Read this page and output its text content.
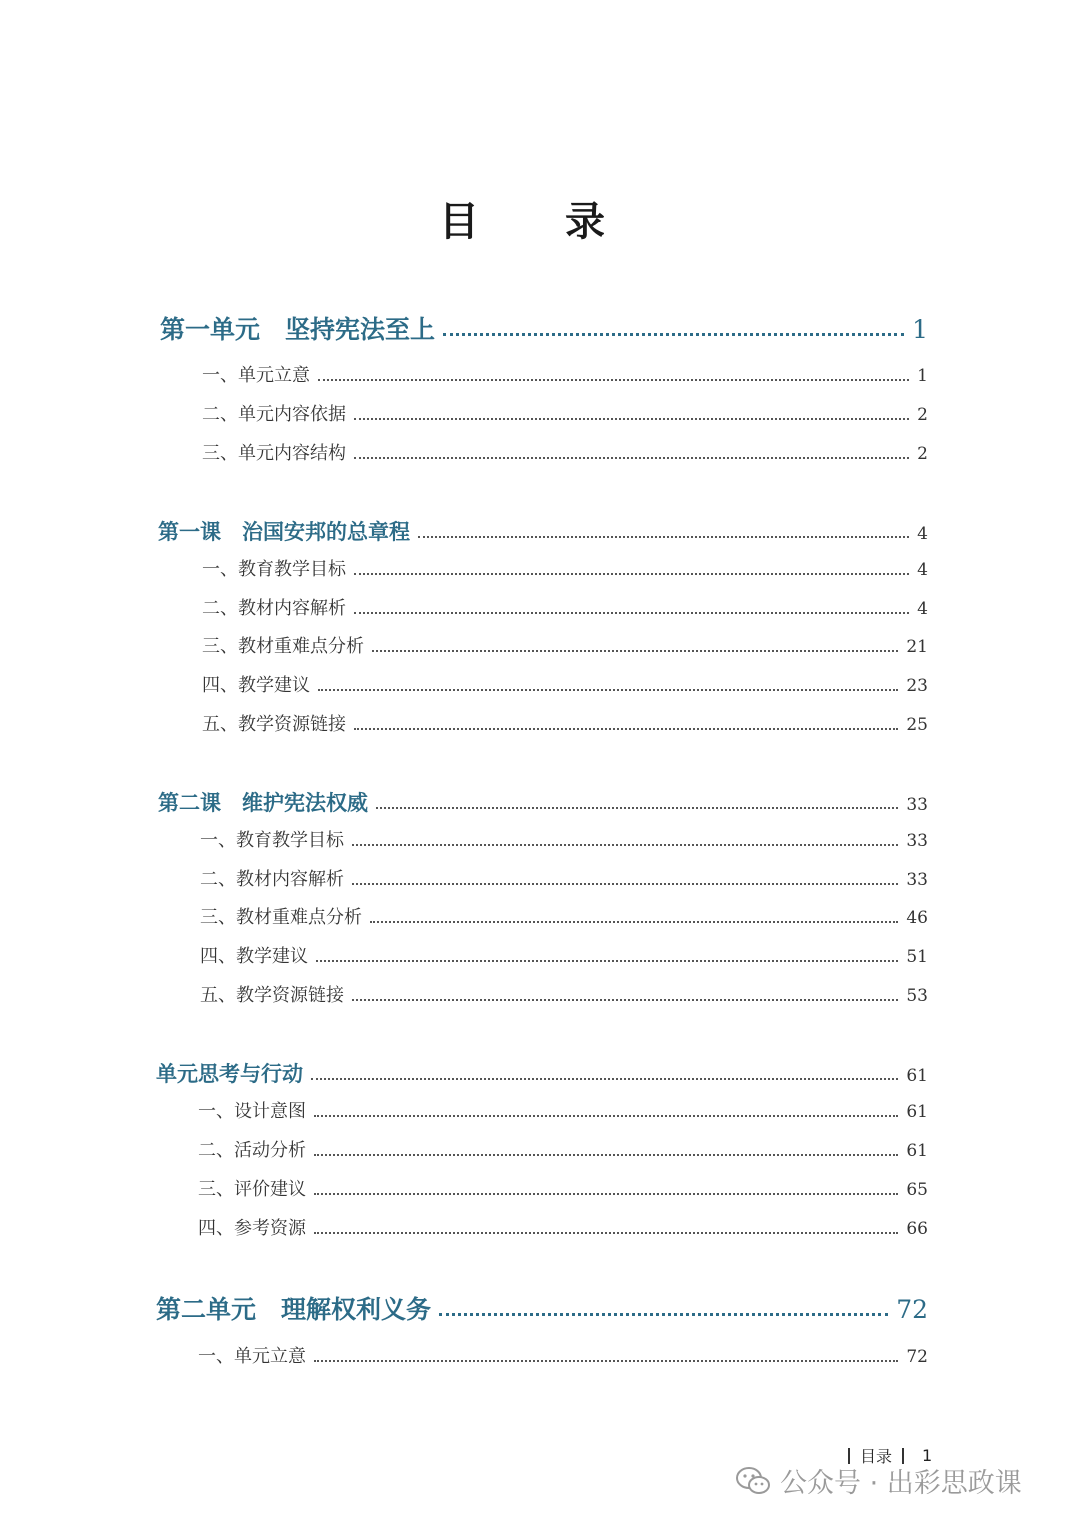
目 录
第一单元　坚持宪法至上	1
一、单元立意	1
二、单元内容依据	2
三、单元内容结构	2
第一课　治国安邦的总章程	4
一、教育教学目标	4
二、教材内容解析	4
三、教材重难点分析	21
四、教学建议	23
五、教学资源链接	25
第二课　维护宪法权威	33
一、教育教学目标	33
二、教材内容解析	33
三、教材重难点分析	46
四、教学建议	51
五、教学资源链接	53
单元思考与行动	61
一、设计意图	61
二、活动分析	61
三、评价建议	65
四、参考资源	66
第二单元　理解权利义务	72
一、单元立意	72
目录 1
公众号 · 出彩思政课
